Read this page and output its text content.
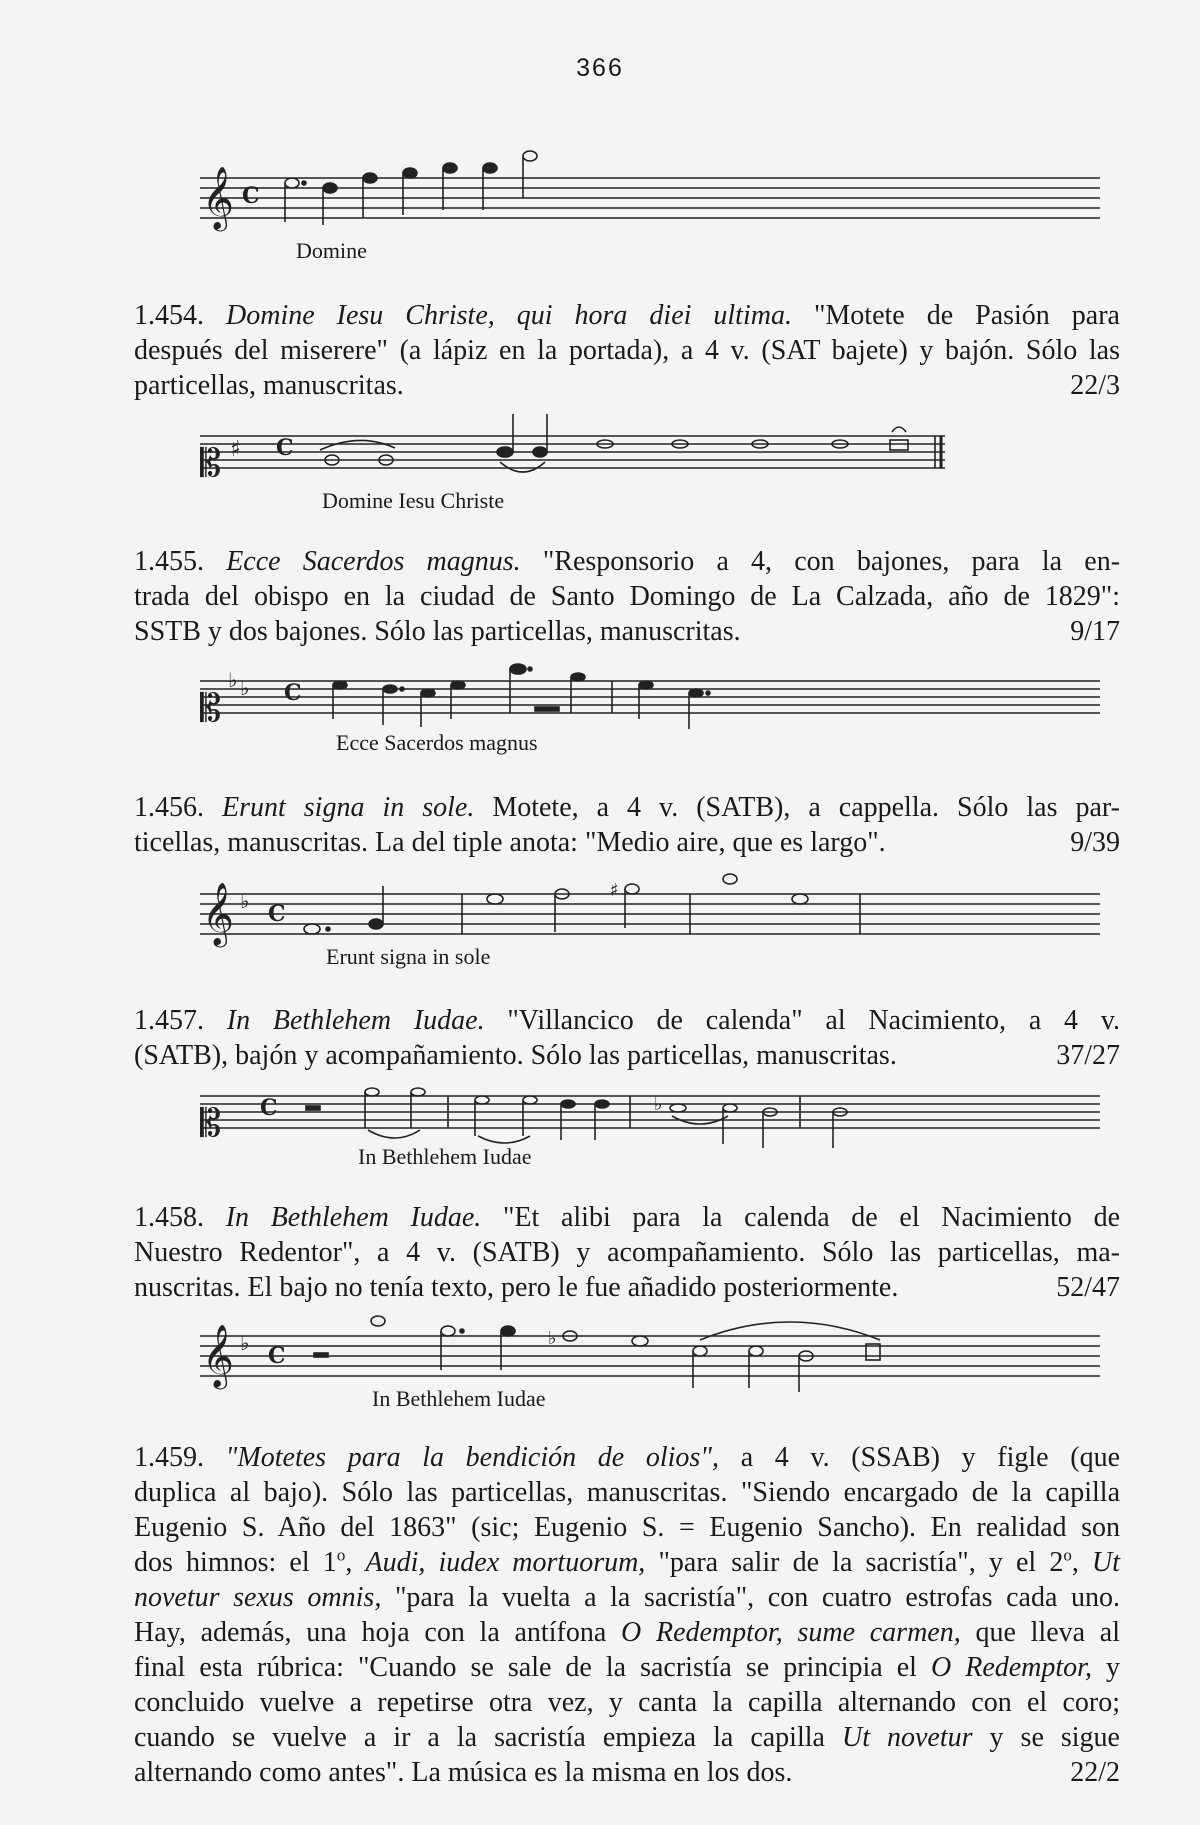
366
𝄞 C
Domine
1.454. Domine Iesu Christe, qui hora diei ultima. "Motete de Pasión para
después del miserere" (a lápiz en la portada), a 4 v. (SAT bajete) y bajón. Sólo las
particellas, manuscritas.	22/3
𝄡 ♯ C
Domine Iesu Christe
1.455. Ecce Sacerdos magnus. "Responsorio a 4, con bajones, para la en-
trada del obispo en la ciudad de Santo Domingo de La Calzada, año de 1829":
SSTB y dos bajones. Sólo las particellas, manuscritas.	9/17
𝄡
♭ ♭ C
Ecce Sacerdos magnus
1.456. Erunt signa in sole. Motete, a 4 v. (SATB), a cappella. Sólo las par-
ticellas, manuscritas. La del tiple anota: "Medio aire, que es largo".	9/39
𝄞 ♭ C
♯
Erunt signa in sole
1.457. In Bethlehem Iudae. "Villancico de calenda" al Nacimiento, a 4 v.
(SATB), bajón y acompañamiento. Sólo las particellas, manuscritas.	37/27
𝄡 C	♭
In Bethlehem Iudae
1.458. In Bethlehem Iudae. "Et alibi para la calenda de el Nacimiento de
Nuestro Redentor", a 4 v. (SATB) y acompañamiento. Sólo las particellas, ma-
nuscritas. El bajo no tenía texto, pero le fue añadido posteriormente.	52/47
𝄞 ♭ C
♭
In Bethlehem Iudae
1.459. "Motetes para la bendición de olios", a 4 v. (SSAB) y figle (que
duplica al bajo). Sólo las particellas, manuscritas. "Siendo encargado de la capilla
Eugenio S. Año del 1863" (sic; Eugenio S. = Eugenio Sancho). En realidad son
dos himnos: el 1$^o$, Audi, iudex mortuorum, "para salir de la sacristía", y el 2$^o$, Ut
novetur sexus omnis, "para la vuelta a la sacristía", con cuatro estrofas cada uno.
Hay, además, una hoja con la antífona O Redemptor, sume carmen, que lleva al
final esta rúbrica: "Cuando se sale de la sacristía se principia el O Redemptor, y
concluido vuelve a repetirse otra vez, y canta la capilla alternando con el coro;
cuando se vuelve a ir a la sacristía empieza la capilla Ut novetur y se sigue
alternando como antes". La música es la misma en los dos.	22/2
